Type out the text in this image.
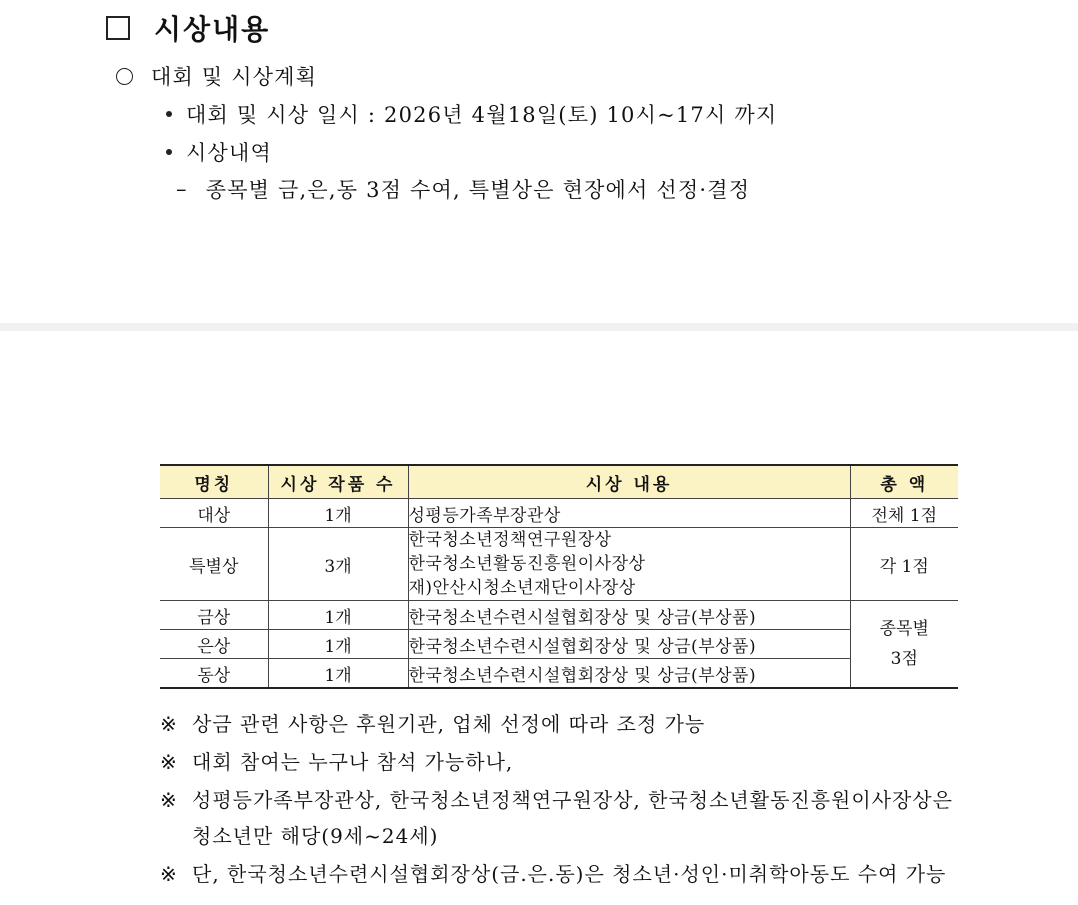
시상내용
대회 및 시상계획
대회 및 시상 일시 : 2026년 4월18일(토) 10시~17시 까지
시상내역
– 종목별 금,은,동 3점 수여, 특별상은 현장에서 선정·결정
명칭	시상 작품 수	시상 내용	총 액
대상	1개	성평등가족부장관상	전체 1점
특별상	3개	한국청소년정책연구원장상
한국청소년활동진흥원이사장상
재)안산시청소년재단이사장상	각 1점
금상	1개	한국청소년수련시설협회장상 및 상금(부상품)	종목별
3점

은상	1개	한국청소년수련시설협회장상 및 상금(부상품)	
동상	1개	한국청소년수련시설협회장상 및 상금(부상품)	
※ 상금 관련 사항은 후원기관, 업체 선정에 따라 조정 가능
※ 대회 참여는 누구나 참석 가능하나,
※ 성평등가족부장관상, 한국청소년정책연구원장상, 한국청소년활동진흥원이사장상은
청소년만 해당(9세~24세)
※ 단, 한국청소년수련시설협회장상(금.은.동)은 청소년·성인·미취학아동도 수여 가능
